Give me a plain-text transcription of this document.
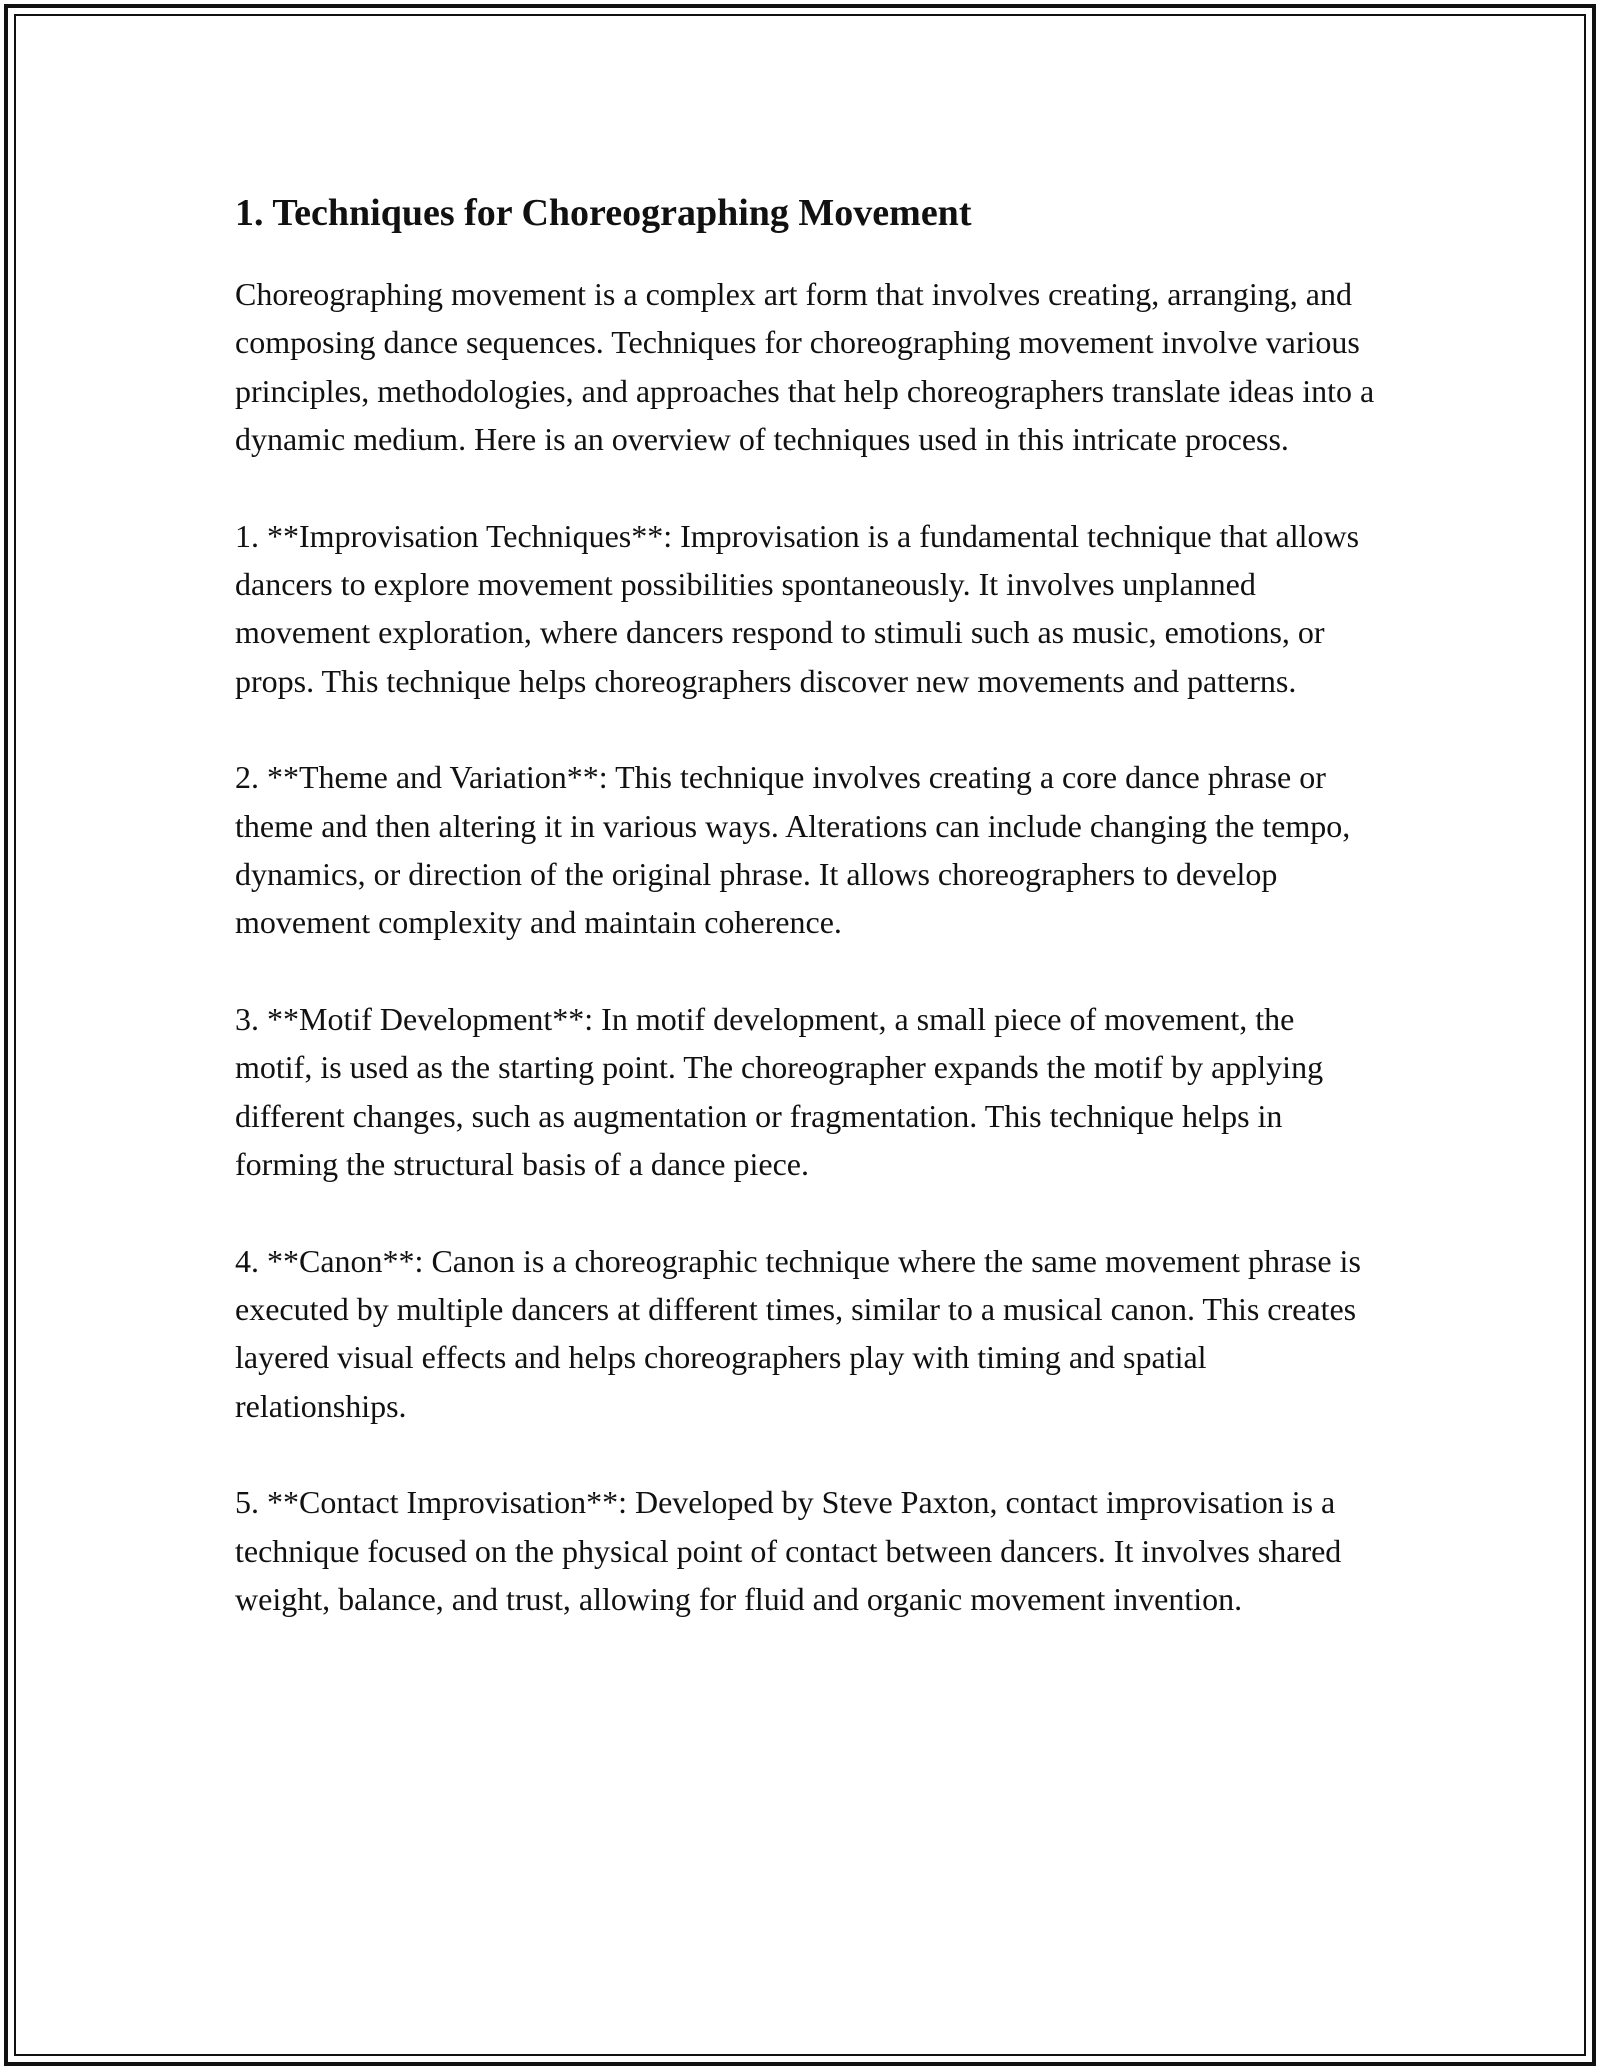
1. Techniques for Choreographing Movement

Choreographing movement is a complex art form that involves creating, arranging, and composing dance sequences. Techniques for choreographing movement involve various principles, methodologies, and approaches that help choreographers translate ideas into a dynamic medium. Here is an overview of techniques used in this intricate process.

1. **Improvisation Techniques**: Improvisation is a fundamental technique that allows dancers to explore movement possibilities spontaneously. It involves unplanned movement exploration, where dancers respond to stimuli such as music, emotions, or props. This technique helps choreographers discover new movements and patterns.

2. **Theme and Variation**: This technique involves creating a core dance phrase or theme and then altering it in various ways. Alterations can include changing the tempo, dynamics, or direction of the original phrase. It allows choreographers to develop movement complexity and maintain coherence.

3. **Motif Development**: In motif development, a small piece of movement, the motif, is used as the starting point. The choreographer expands the motif by applying different changes, such as augmentation or fragmentation. This technique helps in forming the structural basis of a dance piece.

4. **Canon**: Canon is a choreographic technique where the same movement phrase is executed by multiple dancers at different times, similar to a musical canon. This creates layered visual effects and helps choreographers play with timing and spatial relationships.

5. **Contact Improvisation**: Developed by Steve Paxton, contact improvisation is a technique focused on the physical point of contact between dancers. It involves shared weight, balance, and trust, allowing for fluid and organic movement invention.
